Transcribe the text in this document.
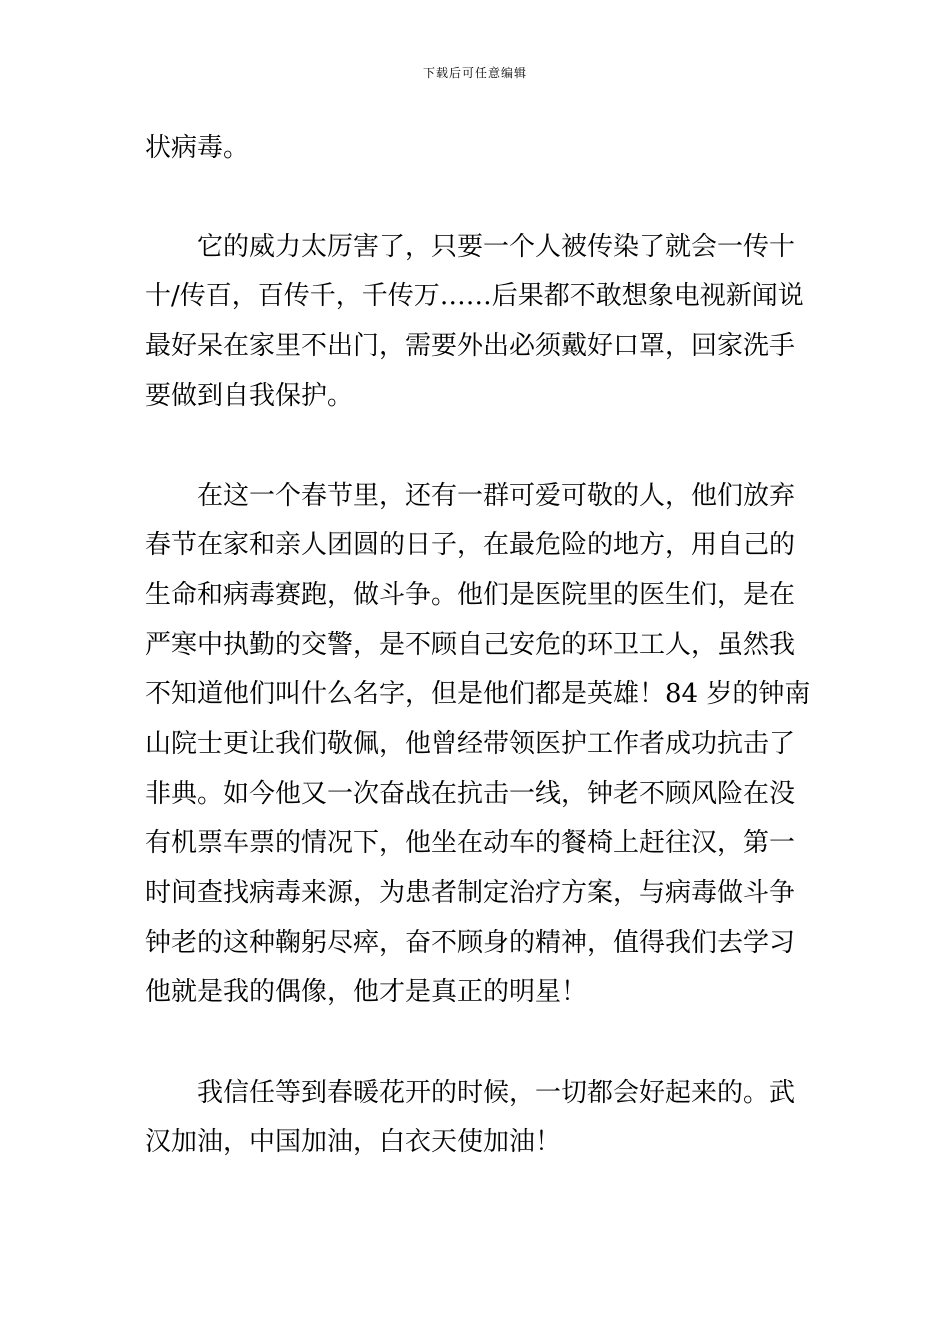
下载后可任意编辑
状病毒。
　　它的威力太厉害了，只要一个人被传染了就会一传十
十/传百，百传千，千传万……后果都不敢想象电视新闻说
最好呆在家里不出门，需要外出必须戴好口罩，回家洗手
要做到自我保护。
　　在这一个春节里，还有一群可爱可敬的人，他们放弃
春节在家和亲人团圆的日子，在最危险的地方，用自己的
生命和病毒赛跑，做斗争。他们是医院里的医生们，是在
严寒中执勤的交警，是不顾自己安危的环卫工人，虽然我
不知道他们叫什么名字，但是他们都是英雄！84 岁的钟南
山院士更让我们敬佩，他曾经带领医护工作者成功抗击了
非典。如今他又一次奋战在抗击一线，钟老不顾风险在没
有机票车票的情况下，他坐在动车的餐椅上赶往汉，第一
时间查找病毒来源，为患者制定治疗方案，与病毒做斗争
钟老的这种鞠躬尽瘁，奋不顾身的精神，值得我们去学习
他就是我的偶像，他才是真正的明星！
　　我信任等到春暖花开的时候，一切都会好起来的。武
汉加油，中国加油，白衣天使加油！
